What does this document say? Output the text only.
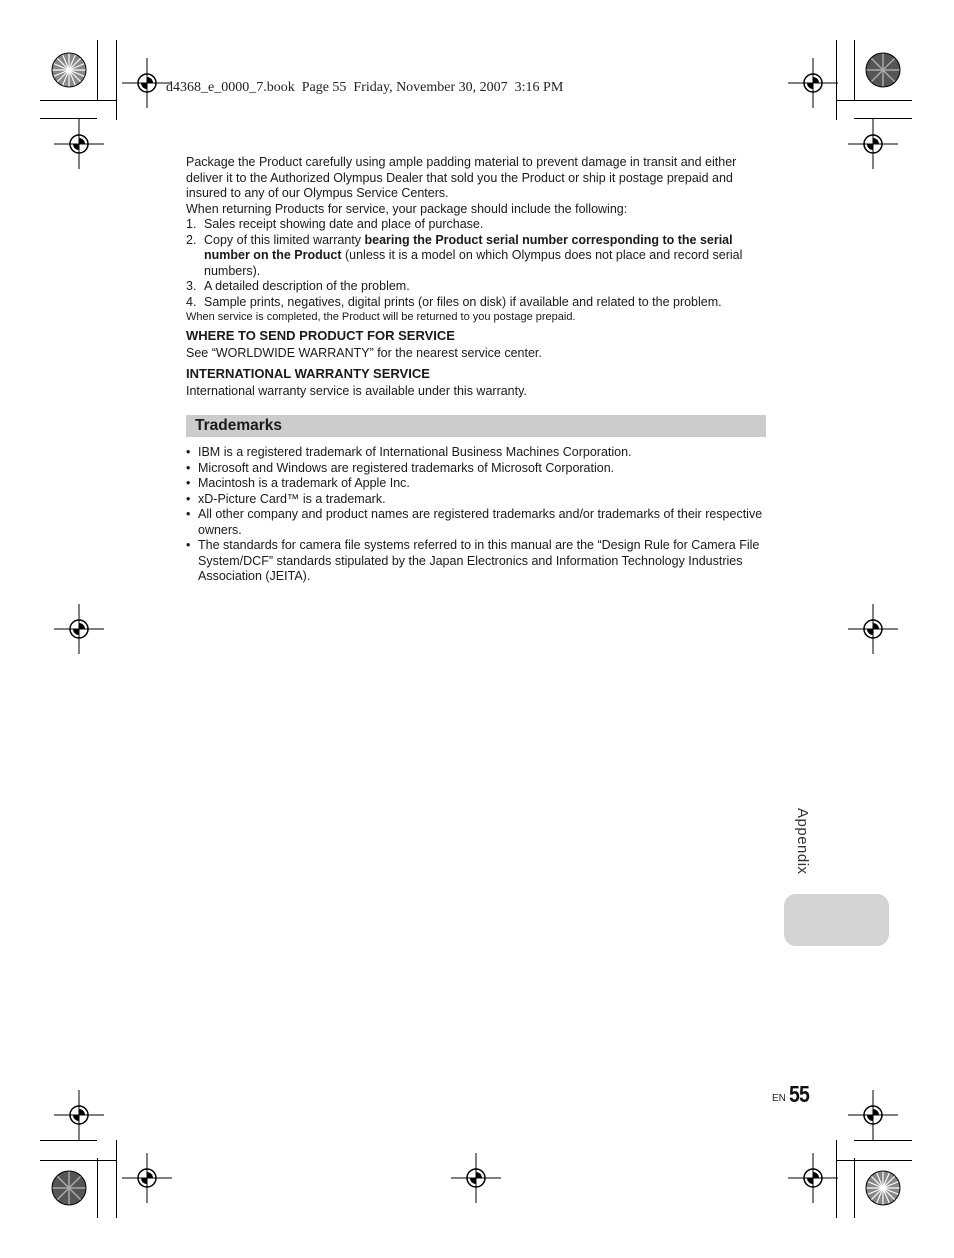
d4368_e_0000_7.book  Page 55  Friday, November 30, 2007  3:16 PM

Package the Product carefully using ample padding material to prevent damage in transit and either deliver it to the Authorized Olympus Dealer that sold you the Product or ship it postage prepaid and insured to any of our Olympus Service Centers.

When returning Products for service, your package should include the following:

1. Sales receipt showing date and place of purchase.
2. Copy of this limited warranty bearing the Product serial number corresponding to the serial number on the Product (unless it is a model on which Olympus does not place and record serial numbers).
3. A detailed description of the problem.
4. Sample prints, negatives, digital prints (or files on disk) if available and related to the problem.

When service is completed, the Product will be returned to you postage prepaid.

WHERE TO SEND PRODUCT FOR SERVICE

See “WORLDWIDE WARRANTY” for the nearest service center.

INTERNATIONAL WARRANTY SERVICE

International warranty service is available under this warranty.

Trademarks
• IBM is a registered trademark of International Business Machines Corporation.
• Microsoft and Windows are registered trademarks of Microsoft Corporation.
• Macintosh is a trademark of Apple Inc.
• xD-Picture Card™ is a trademark.
• All other company and product names are registered trademarks and/or trademarks of their respective owners.
• The standards for camera file systems referred to in this manual are the “Design Rule for Camera File System/DCF” standards stipulated by the Japan Electronics and Information Technology Industries Association (JEITA).
Appendix
EN 55
